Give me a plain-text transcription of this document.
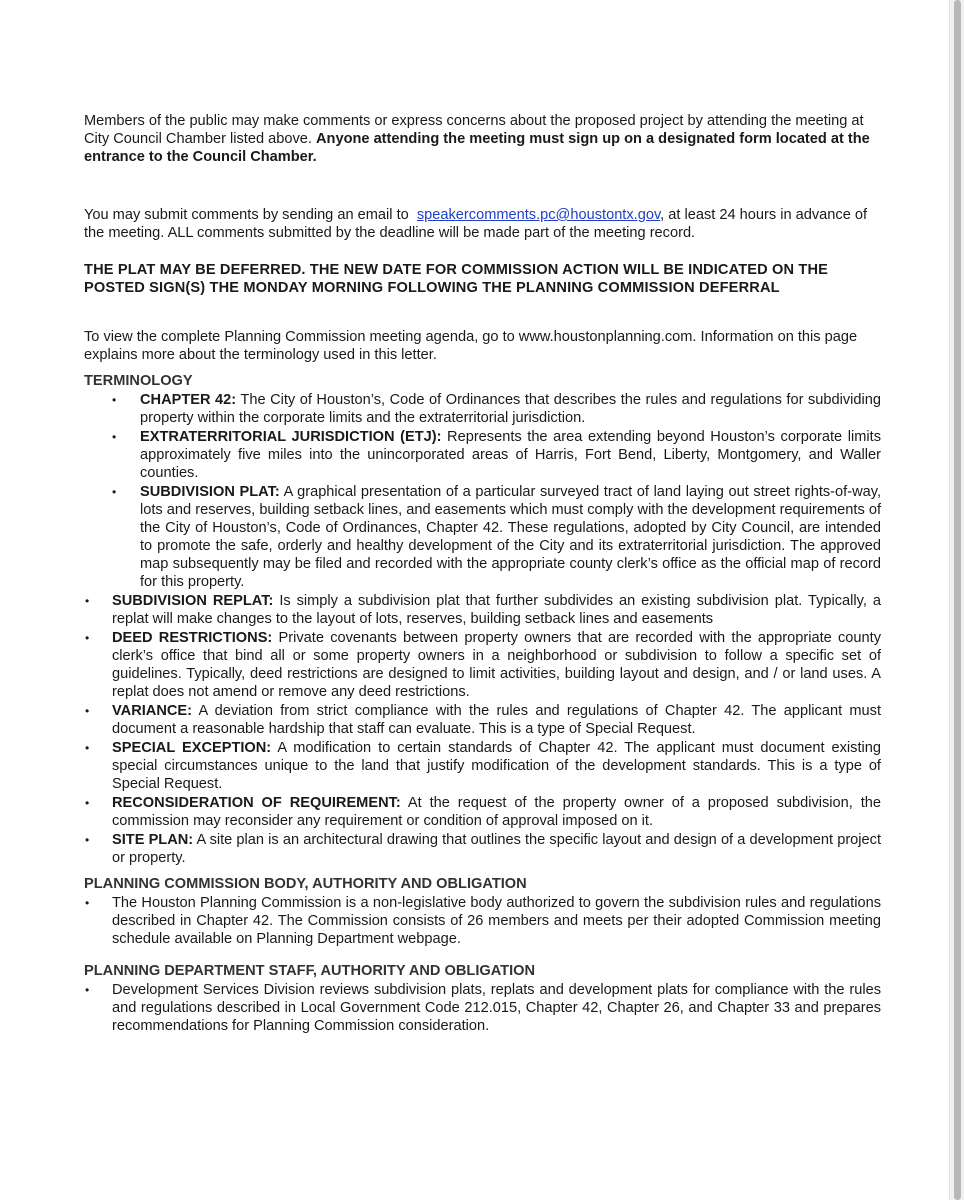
Members of the public may make comments or express concerns about the proposed project by attending the meeting at City Council Chamber listed above. Anyone attending the meeting must sign up on a designated form located at the entrance to the Council Chamber.

You may submit comments by sending an email to speakercomments.pc@houstontx.gov, at least 24 hours in advance of the meeting. ALL comments submitted by the deadline will be made part of the meeting record.

THE PLAT MAY BE DEFERRED. THE NEW DATE FOR COMMISSION ACTION WILL BE INDICATED ON THE POSTED SIGN(S) THE MONDAY MORNING FOLLOWING THE PLANNING COMMISSION DEFERRAL

To view the complete Planning Commission meeting agenda, go to www.houstonplanning.com. Information on this page explains more about the terminology used in this letter.

TERMINOLOGY

• CHAPTER 42: The City of Houston’s, Code of Ordinances that describes the rules and regulations for subdividing property within the corporate limits and the extraterritorial jurisdiction.
• EXTRATERRITORIAL JURISDICTION (ETJ): Represents the area extending beyond Houston’s corporate limits approximately five miles into the unincorporated areas of Harris, Fort Bend, Liberty, Montgomery, and Waller counties.
• SUBDIVISION PLAT: A graphical presentation of a particular surveyed tract of land laying out street rights-of-way, lots and reserves, building setback lines, and easements which must comply with the development requirements of the City of Houston’s, Code of Ordinances, Chapter 42. These regulations, adopted by City Council, are intended to promote the safe, orderly and healthy development of the City and its extraterritorial jurisdiction. The approved map subsequently may be filed and recorded with the appropriate county clerk’s office as the official map of record for this property.
• SUBDIVISION REPLAT: Is simply a subdivision plat that further subdivides an existing subdivision plat. Typically, a replat will make changes to the layout of lots, reserves, building setback lines and easements
• DEED RESTRICTIONS: Private covenants between property owners that are recorded with the appropriate county clerk’s office that bind all or some property owners in a neighborhood or subdivision to follow a specific set of guidelines. Typically, deed restrictions are designed to limit activities, building layout and design, and / or land uses. A replat does not amend or remove any deed restrictions.
• VARIANCE: A deviation from strict compliance with the rules and regulations of Chapter 42. The applicant must document a reasonable hardship that staff can evaluate. This is a type of Special Request.
• SPECIAL EXCEPTION: A modification to certain standards of Chapter 42. The applicant must document existing special circumstances unique to the land that justify modification of the development standards. This is a type of Special Request.
• RECONSIDERATION OF REQUIREMENT: At the request of the property owner of a proposed subdivision, the commission may reconsider any requirement or condition of approval imposed on it.
• SITE PLAN: A site plan is an architectural drawing that outlines the specific layout and design of a development project or property.

PLANNING COMMISSION BODY, AUTHORITY AND OBLIGATION

• The Houston Planning Commission is a non-legislative body authorized to govern the subdivision rules and regulations described in Chapter 42. The Commission consists of 26 members and meets per their adopted Commission meeting schedule available on Planning Department webpage.

PLANNING DEPARTMENT STAFF, AUTHORITY AND OBLIGATION

• Development Services Division reviews subdivision plats, replats and development plats for compliance with the rules and regulations described in Local Government Code 212.015, Chapter 42, Chapter 26, and Chapter 33 and prepares recommendations for Planning Commission consideration.
